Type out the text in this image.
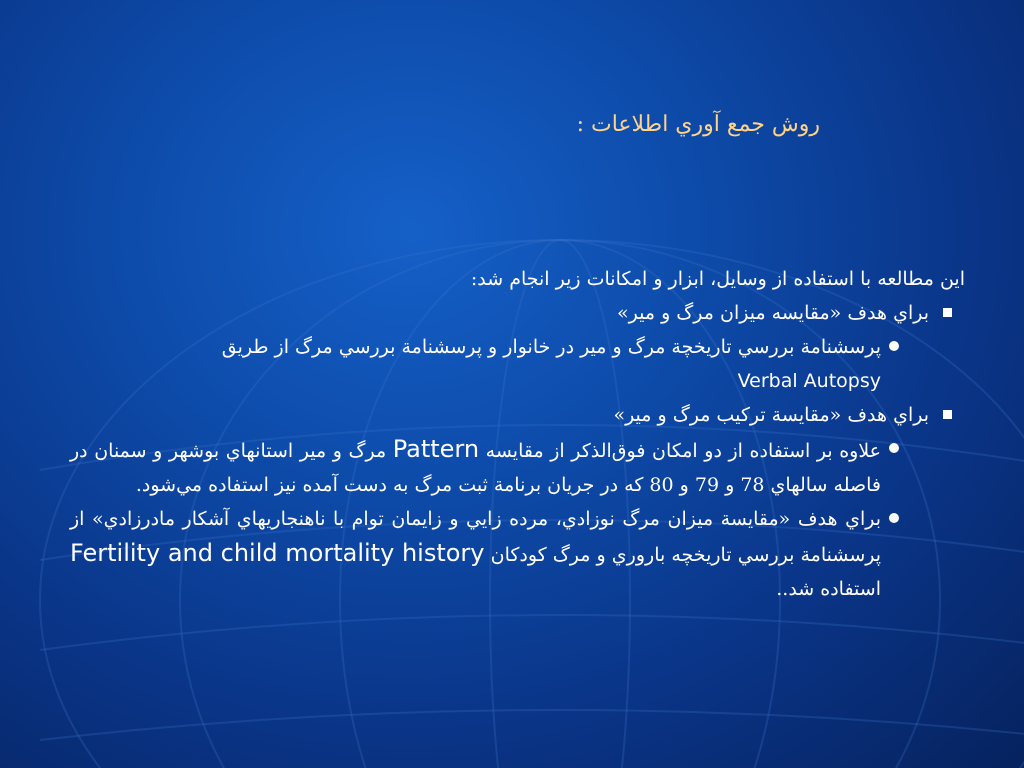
روش جمع آوري اطلاعات :

اين مطالعه با استفاده از وسايل، ابزار و امكانات زير انجام شد:

براي هدف «مقايسه ميزان مرگ و مير»
پرسشنامة بررسي تاريخچة مرگ و مير در خانوار و پرسشنامة بررسي مرگ از طريق
Verbal Autopsy
براي هدف «مقايسة تركيب مرگ و مير»
علاوه بر استفاده از دو امكان فوق‌الذكر از مقايسه Pattern مرگ و مير استانهاي بوشهر و سمنان در فاصله سالهاي 78 و 79 و 80 كه در جريان برنامة ثبت مرگ به دست آمده نيز استفاده مي‌شود.
براي هدف «مقايسة ميزان مرگ نوزادي، مرده زايي و زايمان توام با ناهنجاريهاي آشكار مادرزادي» از پرسشنامة بررسي تاريخچه باروري و مرگ كودكان Fertility and child mortality history استفاده شد..
